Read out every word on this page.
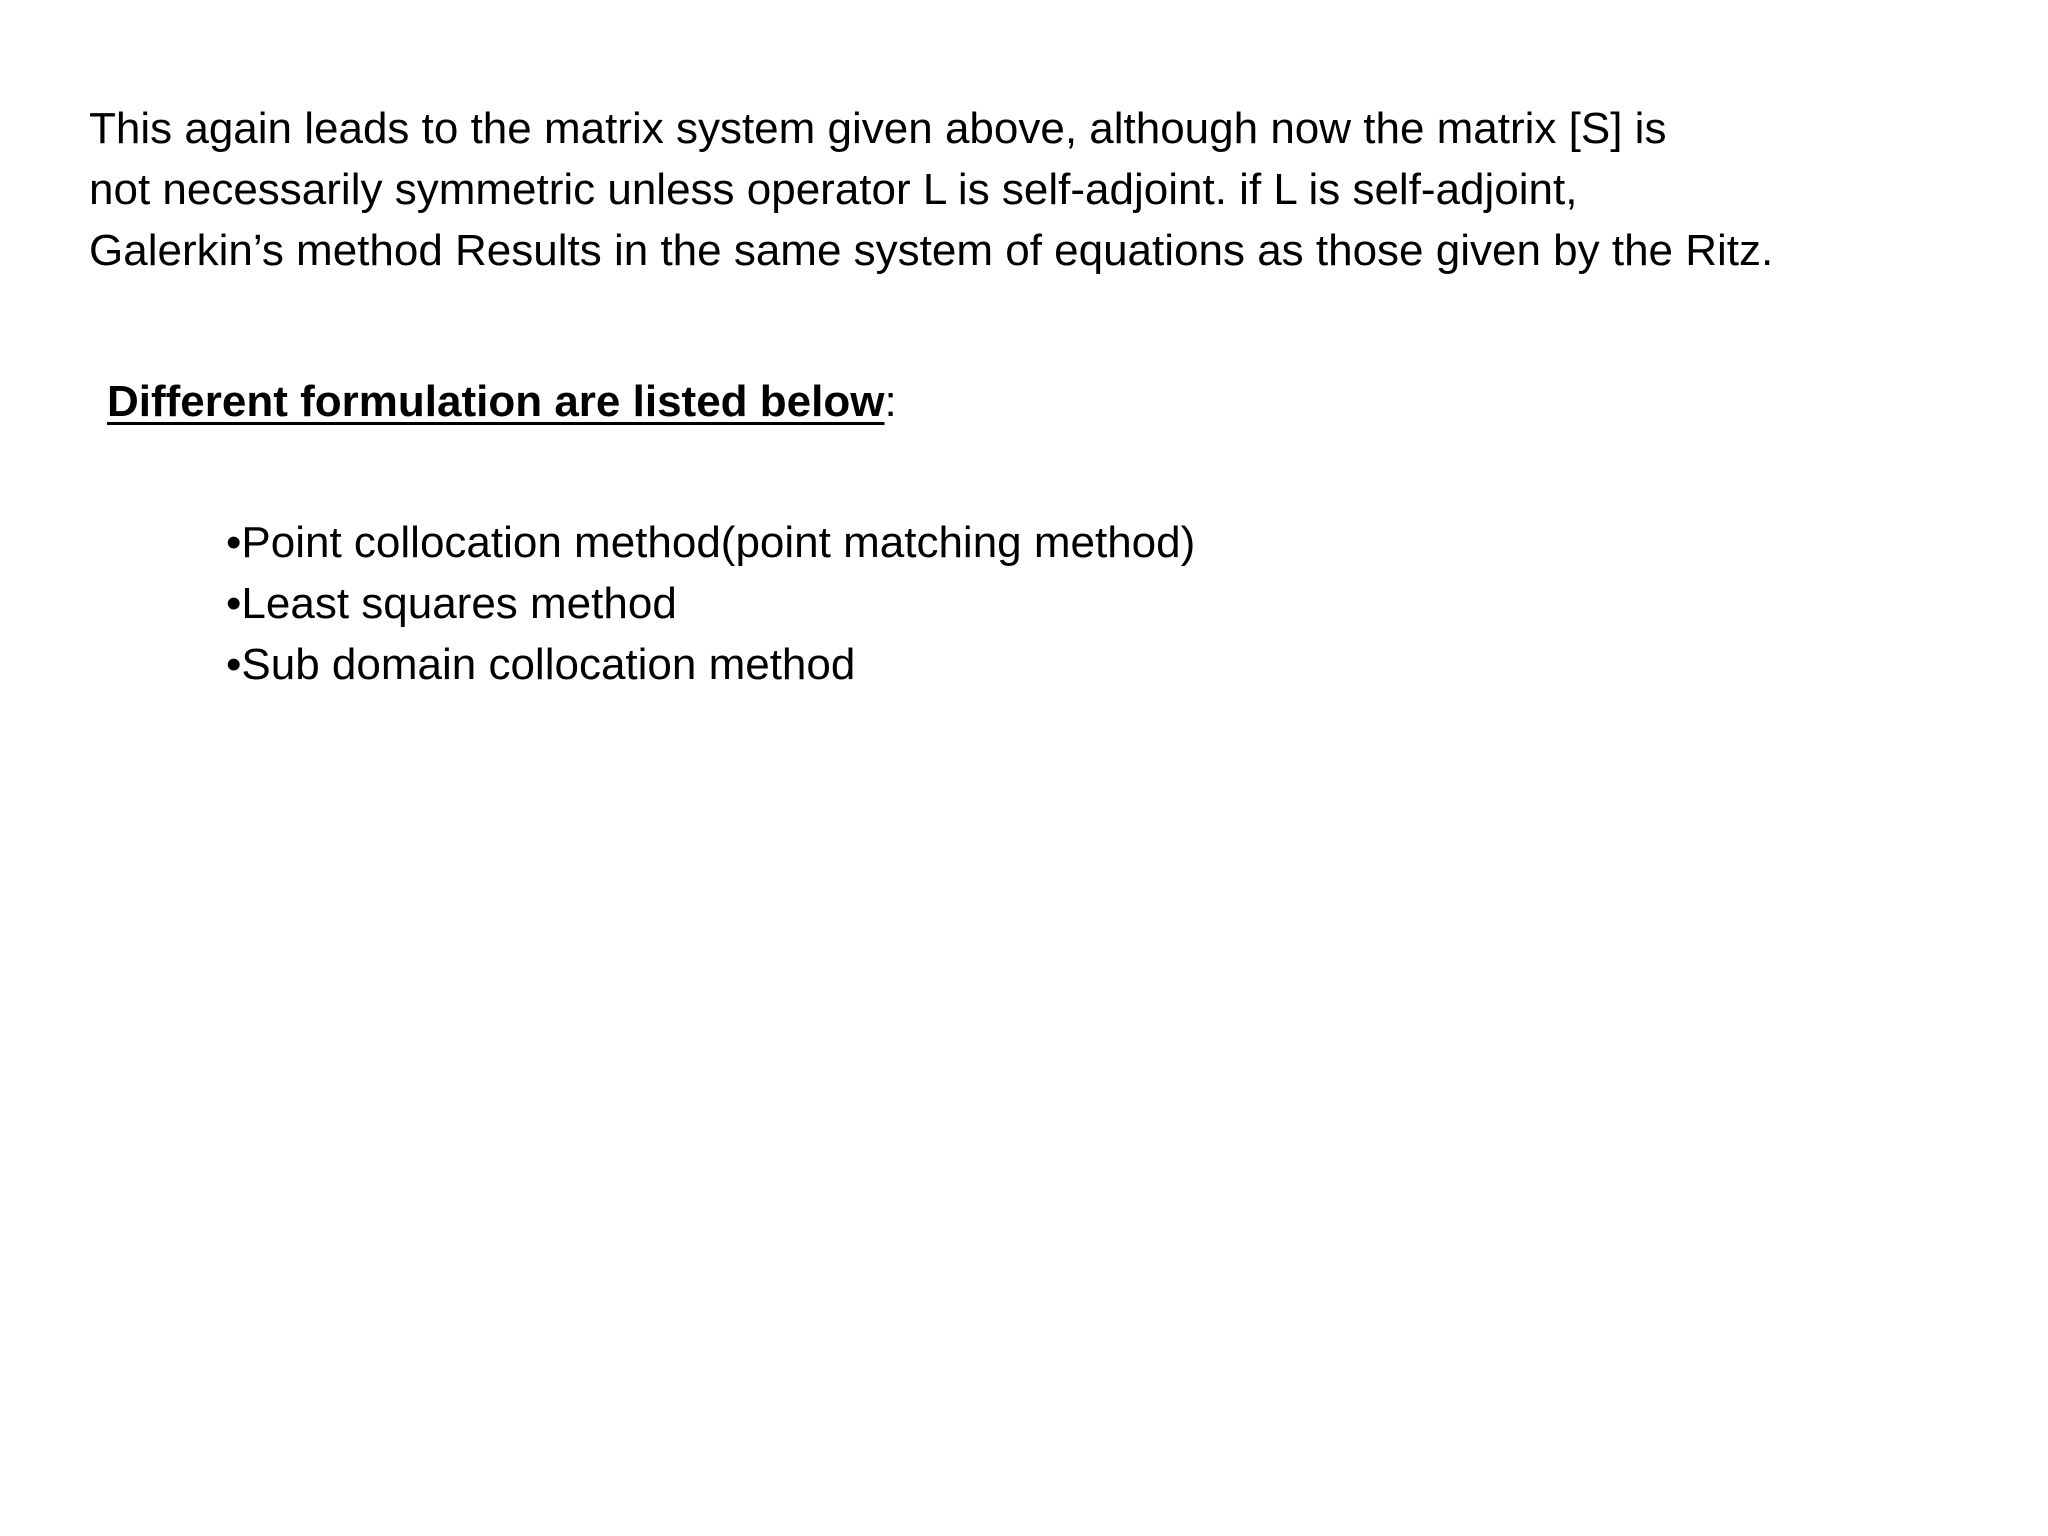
This again leads to the matrix system given above, although now the matrix [S] is
not necessarily symmetric unless operator L is self-adjoint. if L is self-adjoint,
Galerkin’s method Results in the same system of equations as those given by the Ritz.
Different formulation are listed below:
•Point collocation method(point matching method)
•Least squares method
•Sub domain collocation method
